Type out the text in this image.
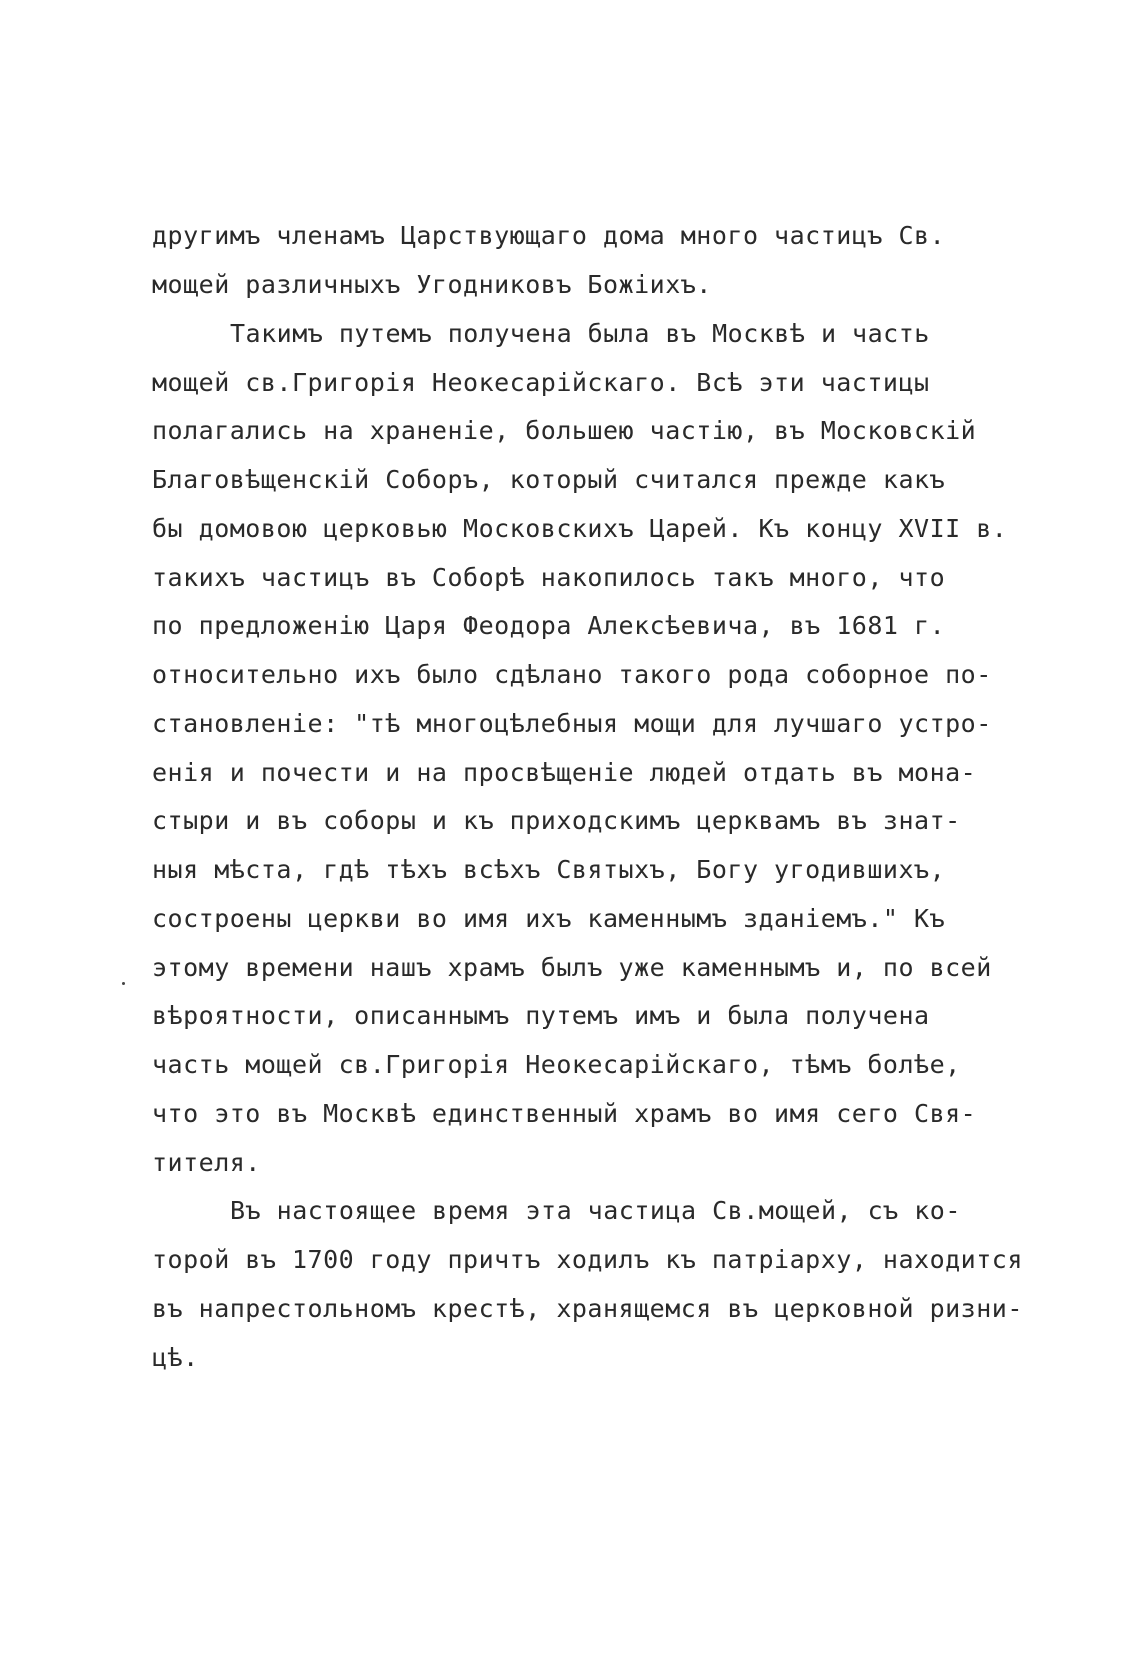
другимъ членамъ Царствующаго дома много частицъ Св.
мощей различныхъ Угодниковъ Божіихъ.
Такимъ путемъ получена была въ Москвѣ и часть
мощей св.Григорія Неокесарійскаго. Всѣ эти частицы
полагались на храненіе, большею частію, въ Московскій
Благовѣщенскій Соборъ, который считался прежде какъ
бы домовою церковью Московскихъ Царей. Къ концу XVII в.
такихъ частицъ въ Соборѣ накопилось такъ много, что
по предложенію Царя Феодора Алексѣевича, въ 1681 г.
относительно ихъ было сдѣлано такого рода соборное по-
становленіе: "тѣ многоцѣлебныя мощи для лучшаго устро-
енія и почести и на просвѣщеніе людей отдать въ мона-
стыри и въ соборы и къ приходскимъ церквамъ въ знат-
ныя мѣста, гдѣ тѣхъ всѣхъ Святыхъ, Богу угодившихъ,
состроены церкви во имя ихъ каменнымъ зданіемъ." Къ
этому времени нашъ храмъ былъ уже каменнымъ и, по всей
вѣроятности, описаннымъ путемъ имъ и была получена
часть мощей св.Григорія Неокесарійскаго, тѣмъ болѣе,
что это въ Москвѣ единственный храмъ во имя сего Свя-
тителя.
Въ настоящее время эта частица Св.мощей, съ ко-
торой въ 1700 году причтъ ходилъ къ патріарху, находится
въ напрестольномъ крестѣ, хранящемся въ церковной ризни-
цѣ.
